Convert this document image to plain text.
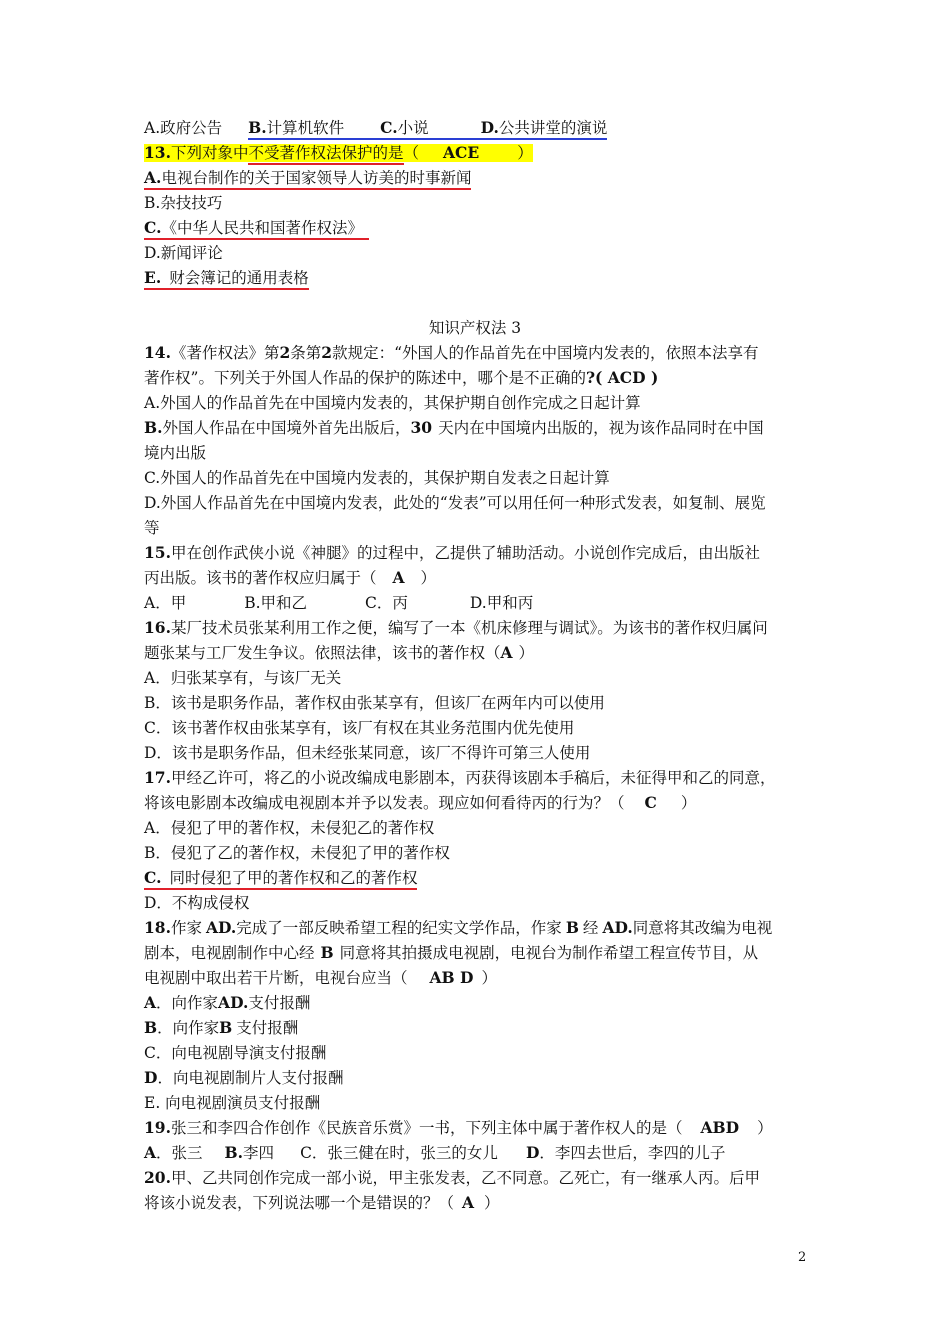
A.政府公告 B.计算机软件 C.小说	D.公共讲堂的演说
13.下列对象中不受著作权法保护的是（ ACE ）
A.电视台制作的关于国家领导人访美的时事新闻
B.杂技技巧
C.《中华人民共和国著作权法》
D.新闻评论
E. 财会簿记的通用表格
知识产权法 3
14.《著作权法》第2条第2款规定：“外国人的作品首先在中国境内发表的，依照本法享有
著作权”。下列关于外国人作品的保护的陈述中，哪个是不正确的?( ACD )
A.外国人的作品首先在中国境内发表的，其保护期自创作完成之日起计算
B.外国人作品在中国境外首先出版后，30 天内在中国境内出版的，视为该作品同时在中国
境内出版
C.外国人的作品首先在中国境内发表的，其保护期自发表之日起计算
D.外国人作品首先在中国境内发表，此处的“发表”可以用任何一种形式发表，如复制、展览
等
15.甲在创作武侠小说《神腿》的过程中，乙提供了辅助活动。小说创作完成后，由出版社
丙出版。该书的著作权应归属于（ A ）
A．甲	B.甲和乙	C．丙	D.甲和丙
16.某厂技术员张某利用工作之便，编写了一本《机床修理与调试》。为该书的著作权归属问
题张某与工厂发生争议。依照法律，该书的著作权（A ）
A．归张某享有，与该厂无关
B．该书是职务作品，著作权由张某享有，但该厂在两年内可以使用
C．该书著作权由张某享有，该厂有权在其业务范围内优先使用
D．该书是职务作品，但未经张某同意，该厂不得许可第三人使用
17.甲经乙许可，将乙的小说改编成电影剧本，丙获得该剧本手稿后，未征得甲和乙的同意，
将该电影剧本改编成电视剧本并予以发表。现应如何看待丙的行为？（ C ）
A．侵犯了甲的著作权，未侵犯乙的著作权
B．侵犯了乙的著作权，未侵犯了甲的著作权
C. 同时侵犯了甲的著作权和乙的著作权
D．不构成侵权
18.作家 AD.完成了一部反映希望工程的纪实文学作品，作家 B 经 AD.同意将其改编为电视
剧本，电视剧制作中心经 B 同意将其拍摄成电视剧，电视台为制作希望工程宣传节目，从
电视剧中取出若干片断，电视台应当（ AB D ）
A．向作家AD.支付报酬
B．向作家B 支付报酬
C．向电视剧导演支付报酬
D．向电视剧制片人支付报酬
E. 向电视剧演员支付报酬
19.张三和李四合作创作《民族音乐赏》一书，下列主体中属于著作权人的是（ ABD ）
A．张三 B.李四 C．张三健在时，张三的女儿 D．李四去世后，李四的儿子
20.甲、乙共同创作完成一部小说，甲主张发表，乙不同意。乙死亡，有一继承人丙。后甲
将该小说发表，下列说法哪一个是错误的？（ A ）
2
